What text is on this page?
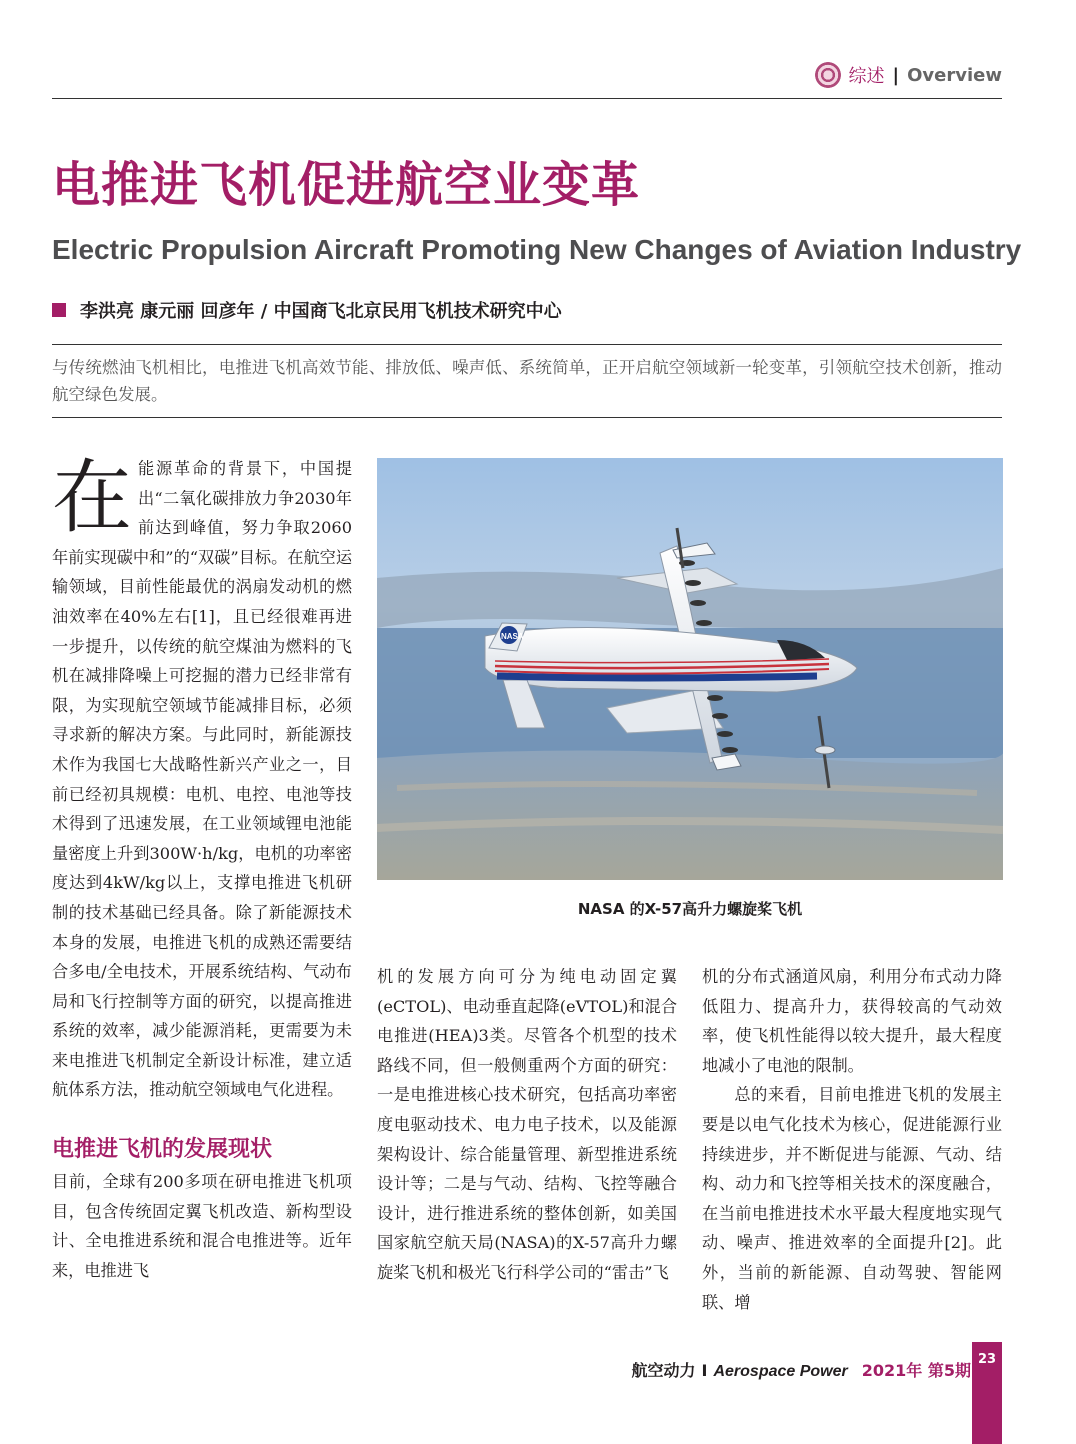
综述 | Overview
电推进飞机促进航空业变革
Electric Propulsion Aircraft Promoting New Changes of Aviation Industry
李洪亮 康元丽 回彦年 / 中国商飞北京民用飞机技术研究中心
与传统燃油飞机相比，电推进飞机高效节能、排放低、噪声低、系统简单，正开启航空领域新一轮变革，引领航空技术创新，推动航空绿色发展。
在 能源革命的背景下，中国提出“二氧化碳排放力争2030年前达到峰值，努力争取2060年前实现碳中和”的“双碳”目标。在航空运输领域，目前性能最优的涡扇发动机的燃油效率在40%左右[1]，且已经很难再进一步提升，以传统的航空煤油为燃料的飞机在减排降噪上可挖掘的潜力已经非常有限，为实现航空领域节能减排目标，必须寻求新的解决方案。与此同时，新能源技术作为我国七大战略性新兴产业之一，目前已经初具规模：电机、电控、电池等技术得到了迅速发展，在工业领域锂电池能量密度上升到300W·h/kg，电机的功率密度达到4kW/kg以上，支撑电推进飞机研制的技术基础已经具备。除了新能源技术本身的发展，电推进飞机的成熟还需要结合多电/全电技术，开展系统结构、气动布局和飞行控制等方面的研究，以提高推进系统的效率，减少能源消耗，更需要为未来电推进飞机制定全新设计标准，建立适航体系方法，推动航空领域电气化进程。

电推进飞机的发展现状

目前，全球有200多项在研电推进飞机项目，包含传统固定翼飞机改造、新构型设计、全电推进系统和混合电推进等。近年来，电推进飞

NASA
NASA 的X-57高升力螺旋桨飞机

机的发展方向可分为纯电动固定翼(eCTOL)、电动垂直起降(eVTOL)和混合电推进(HEA)3类。尽管各个机型的技术路线不同，但一般侧重两个方面的研究：一是电推进核心技术研究，包括高功率密度电驱动技术、电力电子技术，以及能源架构设计、综合能量管理、新型推进系统设计等；二是与气动、结构、飞控等融合设计，进行推进系统的整体创新，如美国国家航空航天局(NASA)的X-57高升力螺旋桨飞机和极光飞行科学公司的“雷击”飞

机的分布式涵道风扇，利用分布式动力降低阻力、提高升力，获得较高的气动效率，使飞机性能得以较大提升，最大程度地减小了电池的限制。

总的来看，目前电推进飞机的发展主要是以电气化技术为核心，促进能源行业持续进步，并不断促进与能源、气动、结构、动力和飞控等相关技术的深度融合，在当前电推进技术水平最大程度地实现气动、噪声、推进效率的全面提升[2]。此外，当前的新能源、自动驾驶、智能网联、增

航空动力 I Aerospace Power 2021年 第5期
23
